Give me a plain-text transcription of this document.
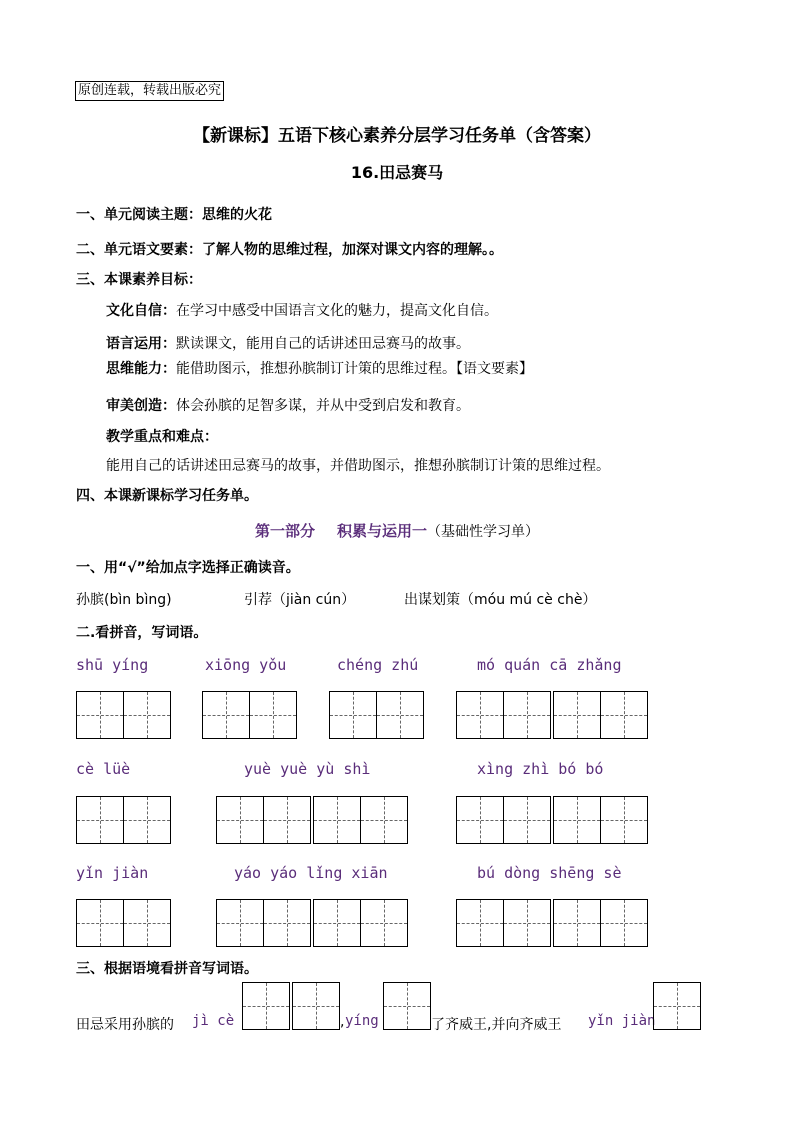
原创连载，转载出版必究
【新课标】五语下核心素养分层学习任务单（含答案）
16.田忌赛马
一、单元阅读主题：思维的火花
二、单元语文要素：了解人物的思维过程，加深对课文内容的理解。。
三、本课素养目标：
文化自信：在学习中感受中国语言文化的魅力，提高文化自信。
语言运用：默读课文，能用自己的话讲述田忌赛马的故事。
思维能力：能借助图示，推想孙膑制订计策的思维过程。【语文要素】
审美创造：体会孙膑的足智多谋，并从中受到启发和教育。
教学重点和难点：
能用自己的话讲述田忌赛马的故事，并借助图示，推想孙膑制订计策的思维过程。
四、本课新课标学习任务单。
第一部分 积累与运用一（基础性学习单）
一、用“√”给加点字选择正确读音。
孙膑(bìn bìng)	引荐（jiàn cún）	出谋划策（móu mú cè chè）
二.看拼音，写词语。
shū yíng	xiōng yǒu	chéng zhú	mó quán cā zhǎng
cè lüè	yuè yuè yù shì	xìng zhì bó bó
yǐn jiàn	yáo yáo lǐng xiān	bú dòng shēng sè
三、根据语境看拼音写词语。
田忌采用孙膑的 jì cè	, yíng	了齐威王,并向齐威王 yǐn jiàn
